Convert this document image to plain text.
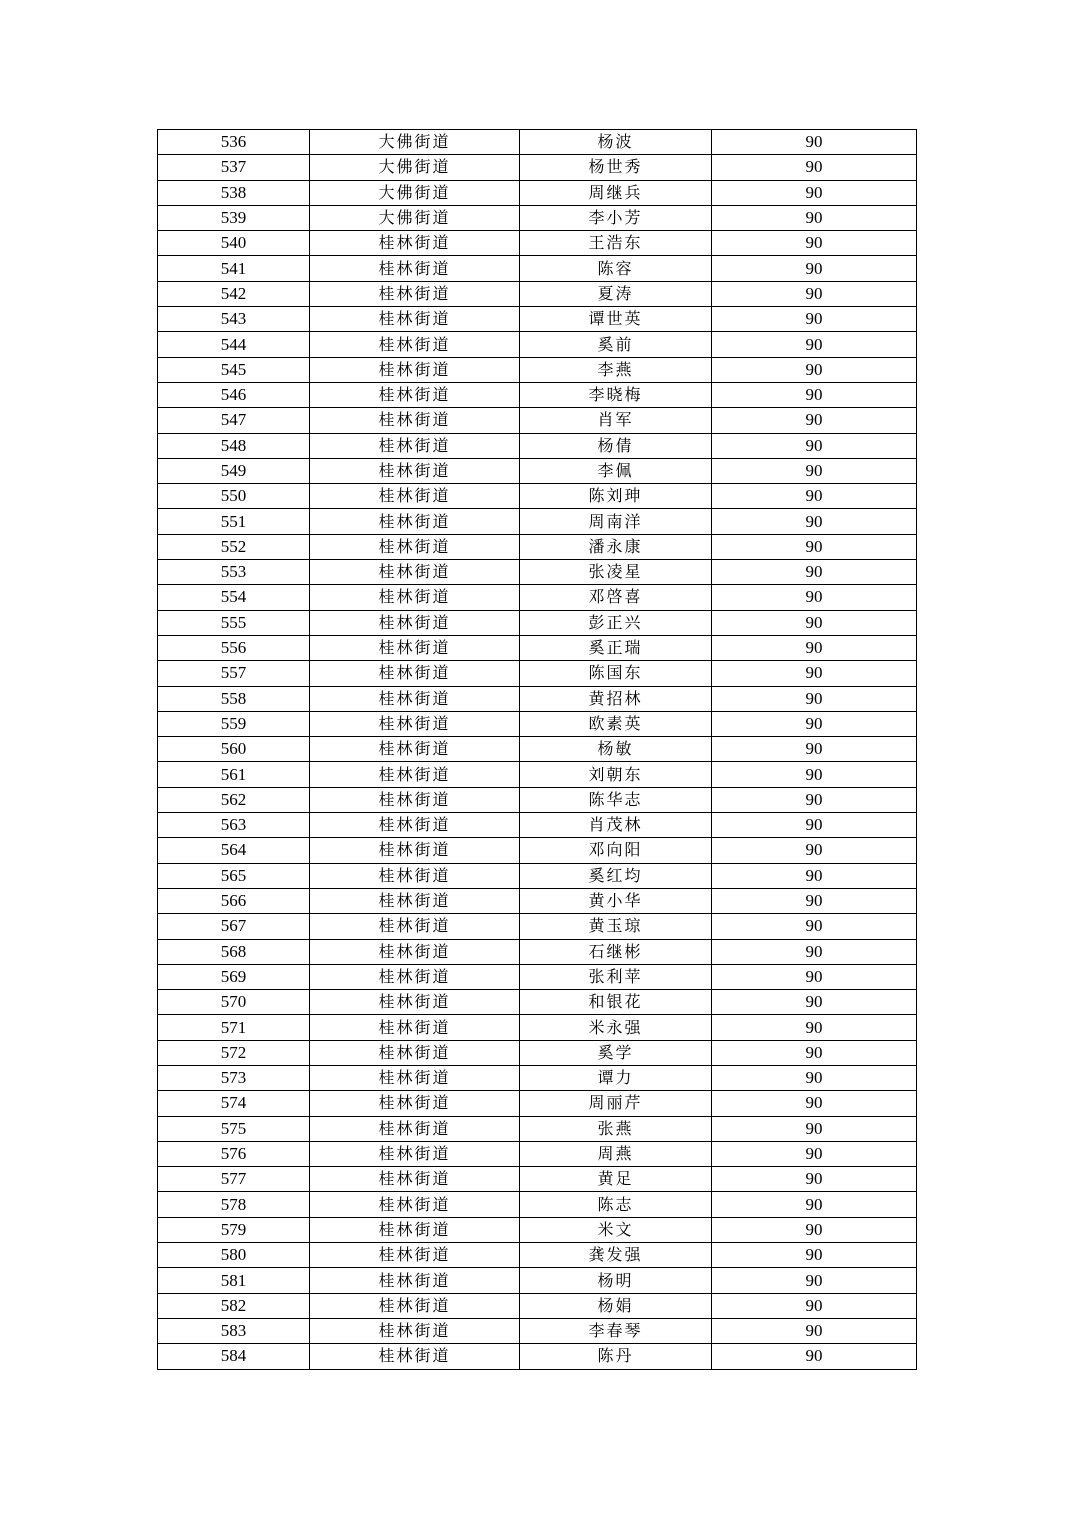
536	大佛街道	杨波	90
537	大佛街道	杨世秀	90
538	大佛街道	周继兵	90
539	大佛街道	李小芳	90
540	桂林街道	王浩东	90
541	桂林街道	陈容	90
542	桂林街道	夏涛	90
543	桂林街道	谭世英	90
544	桂林街道	奚前	90
545	桂林街道	李燕	90
546	桂林街道	李晓梅	90
547	桂林街道	肖军	90
548	桂林街道	杨倩	90
549	桂林街道	李佩	90
550	桂林街道	陈刘珅	90
551	桂林街道	周南洋	90
552	桂林街道	潘永康	90
553	桂林街道	张凌星	90
554	桂林街道	邓啓喜	90
555	桂林街道	彭正兴	90
556	桂林街道	奚正瑞	90
557	桂林街道	陈国东	90
558	桂林街道	黄招林	90
559	桂林街道	欧素英	90
560	桂林街道	杨敏	90
561	桂林街道	刘朝东	90
562	桂林街道	陈华志	90
563	桂林街道	肖茂林	90
564	桂林街道	邓向阳	90
565	桂林街道	奚红均	90
566	桂林街道	黄小华	90
567	桂林街道	黄玉琼	90
568	桂林街道	石继彬	90
569	桂林街道	张利苹	90
570	桂林街道	和银花	90
571	桂林街道	米永强	90
572	桂林街道	奚学	90
573	桂林街道	谭力	90
574	桂林街道	周丽芹	90
575	桂林街道	张燕	90
576	桂林街道	周燕	90
577	桂林街道	黄足	90
578	桂林街道	陈志	90
579	桂林街道	米文	90
580	桂林街道	龚发强	90
581	桂林街道	杨明	90
582	桂林街道	杨娟	90
583	桂林街道	李春琴	90
584	桂林街道	陈丹	90
